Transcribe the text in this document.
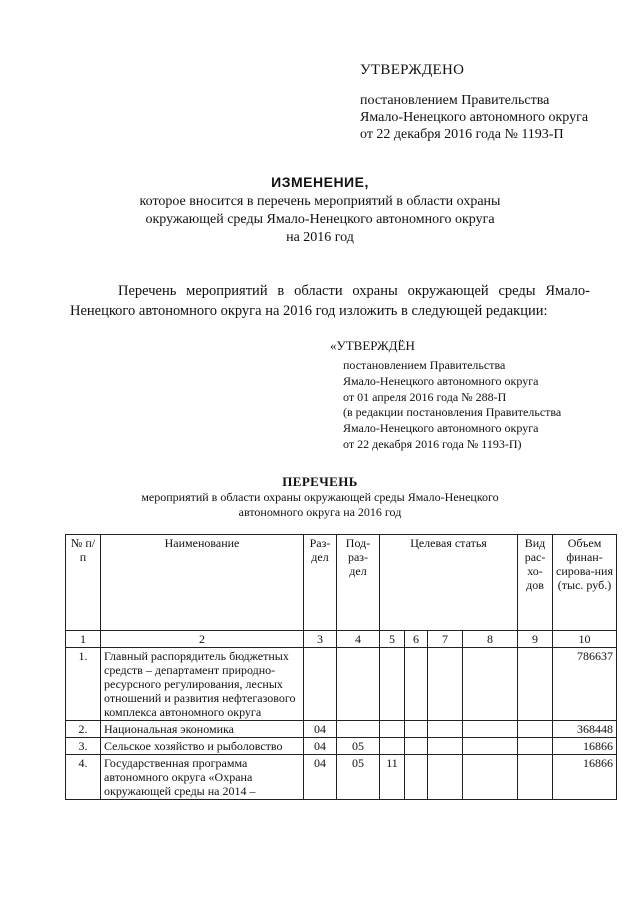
УТВЕРЖДЕНО
постановлением Правительства
Ямало-Ненецкого автономного округа
от 22 декабря 2016 года № 1193-П
ИЗМЕНЕНИЕ,
которое вносится в перечень мероприятий в области охраны
окружающей среды Ямало-Ненецкого автономного округа
на 2016 год
Перечень мероприятий в области охраны окружающей среды Ямало-Ненецкого автономного округа на 2016 год изложить в следующей редакции:
«УТВЕРЖДЁН
постановлением Правительства
Ямало-Ненецкого автономного округа
от 01 апреля 2016 года № 288-П
(в редакции постановления Правительства
Ямало-Ненецкого автономного округа
от 22 декабря 2016 года № 1193-П)
ПЕРЕЧЕНЬ
мероприятий в области охраны окружающей среды Ямало-Ненецкого
автономного округа на 2016 год
№ п/п	Наименование	Раз-дел	Под-раз-дел	Целевая статья				Вид рас-хо-дов	Объем финан-сирова-ния (тыс. руб.)
1	2	3	4	5	6	7	8	9	10
1.	Главный распорядитель бюджетных средств – департамент природно-ресурсного регулирования, лесных отношений и развития нефтегазового комплекса автономного округа								786637
2.	Национальная экономика	04							368448
3.	Сельское хозяйство и рыболовство	04	05						16866
4.	Государственная программа автономного округа «Охрана окружающей среды на 2014 –	04	05	11					16866
